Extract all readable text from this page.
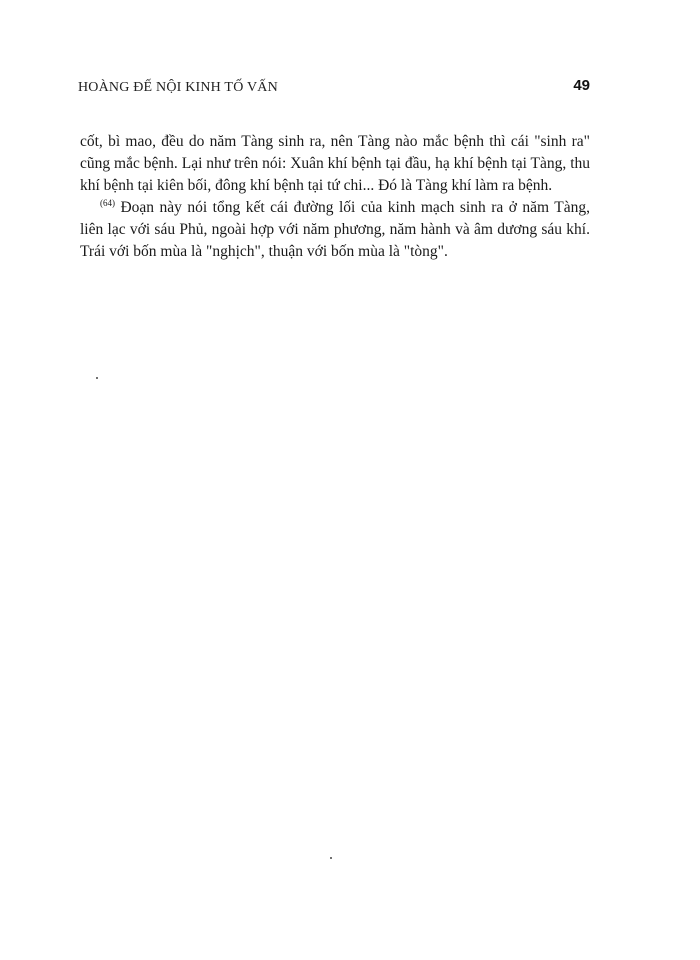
HOÀNG ĐẾ NỘI KINH TỐ VẤN	49

cốt, bì mao, đều do năm Tàng sinh ra, nên Tàng nào mắc bệnh thì cái "sinh ra" cũng mắc bệnh. Lại như trên nói: Xuân khí bệnh tại đầu, hạ khí bệnh tại Tàng, thu khí bệnh tại kiên bối, đông khí bệnh tại tứ chi... Đó là Tàng khí làm ra bệnh.

$^{(64)}$ Đoạn này nói tổng kết cái đường lối của kinh mạch sinh ra ở năm Tàng, liên lạc với sáu Phủ, ngoài hợp với năm phương, năm hành và âm dương sáu khí. Trái với bốn mùa là "nghịch", thuận với bốn mùa là "tòng".
